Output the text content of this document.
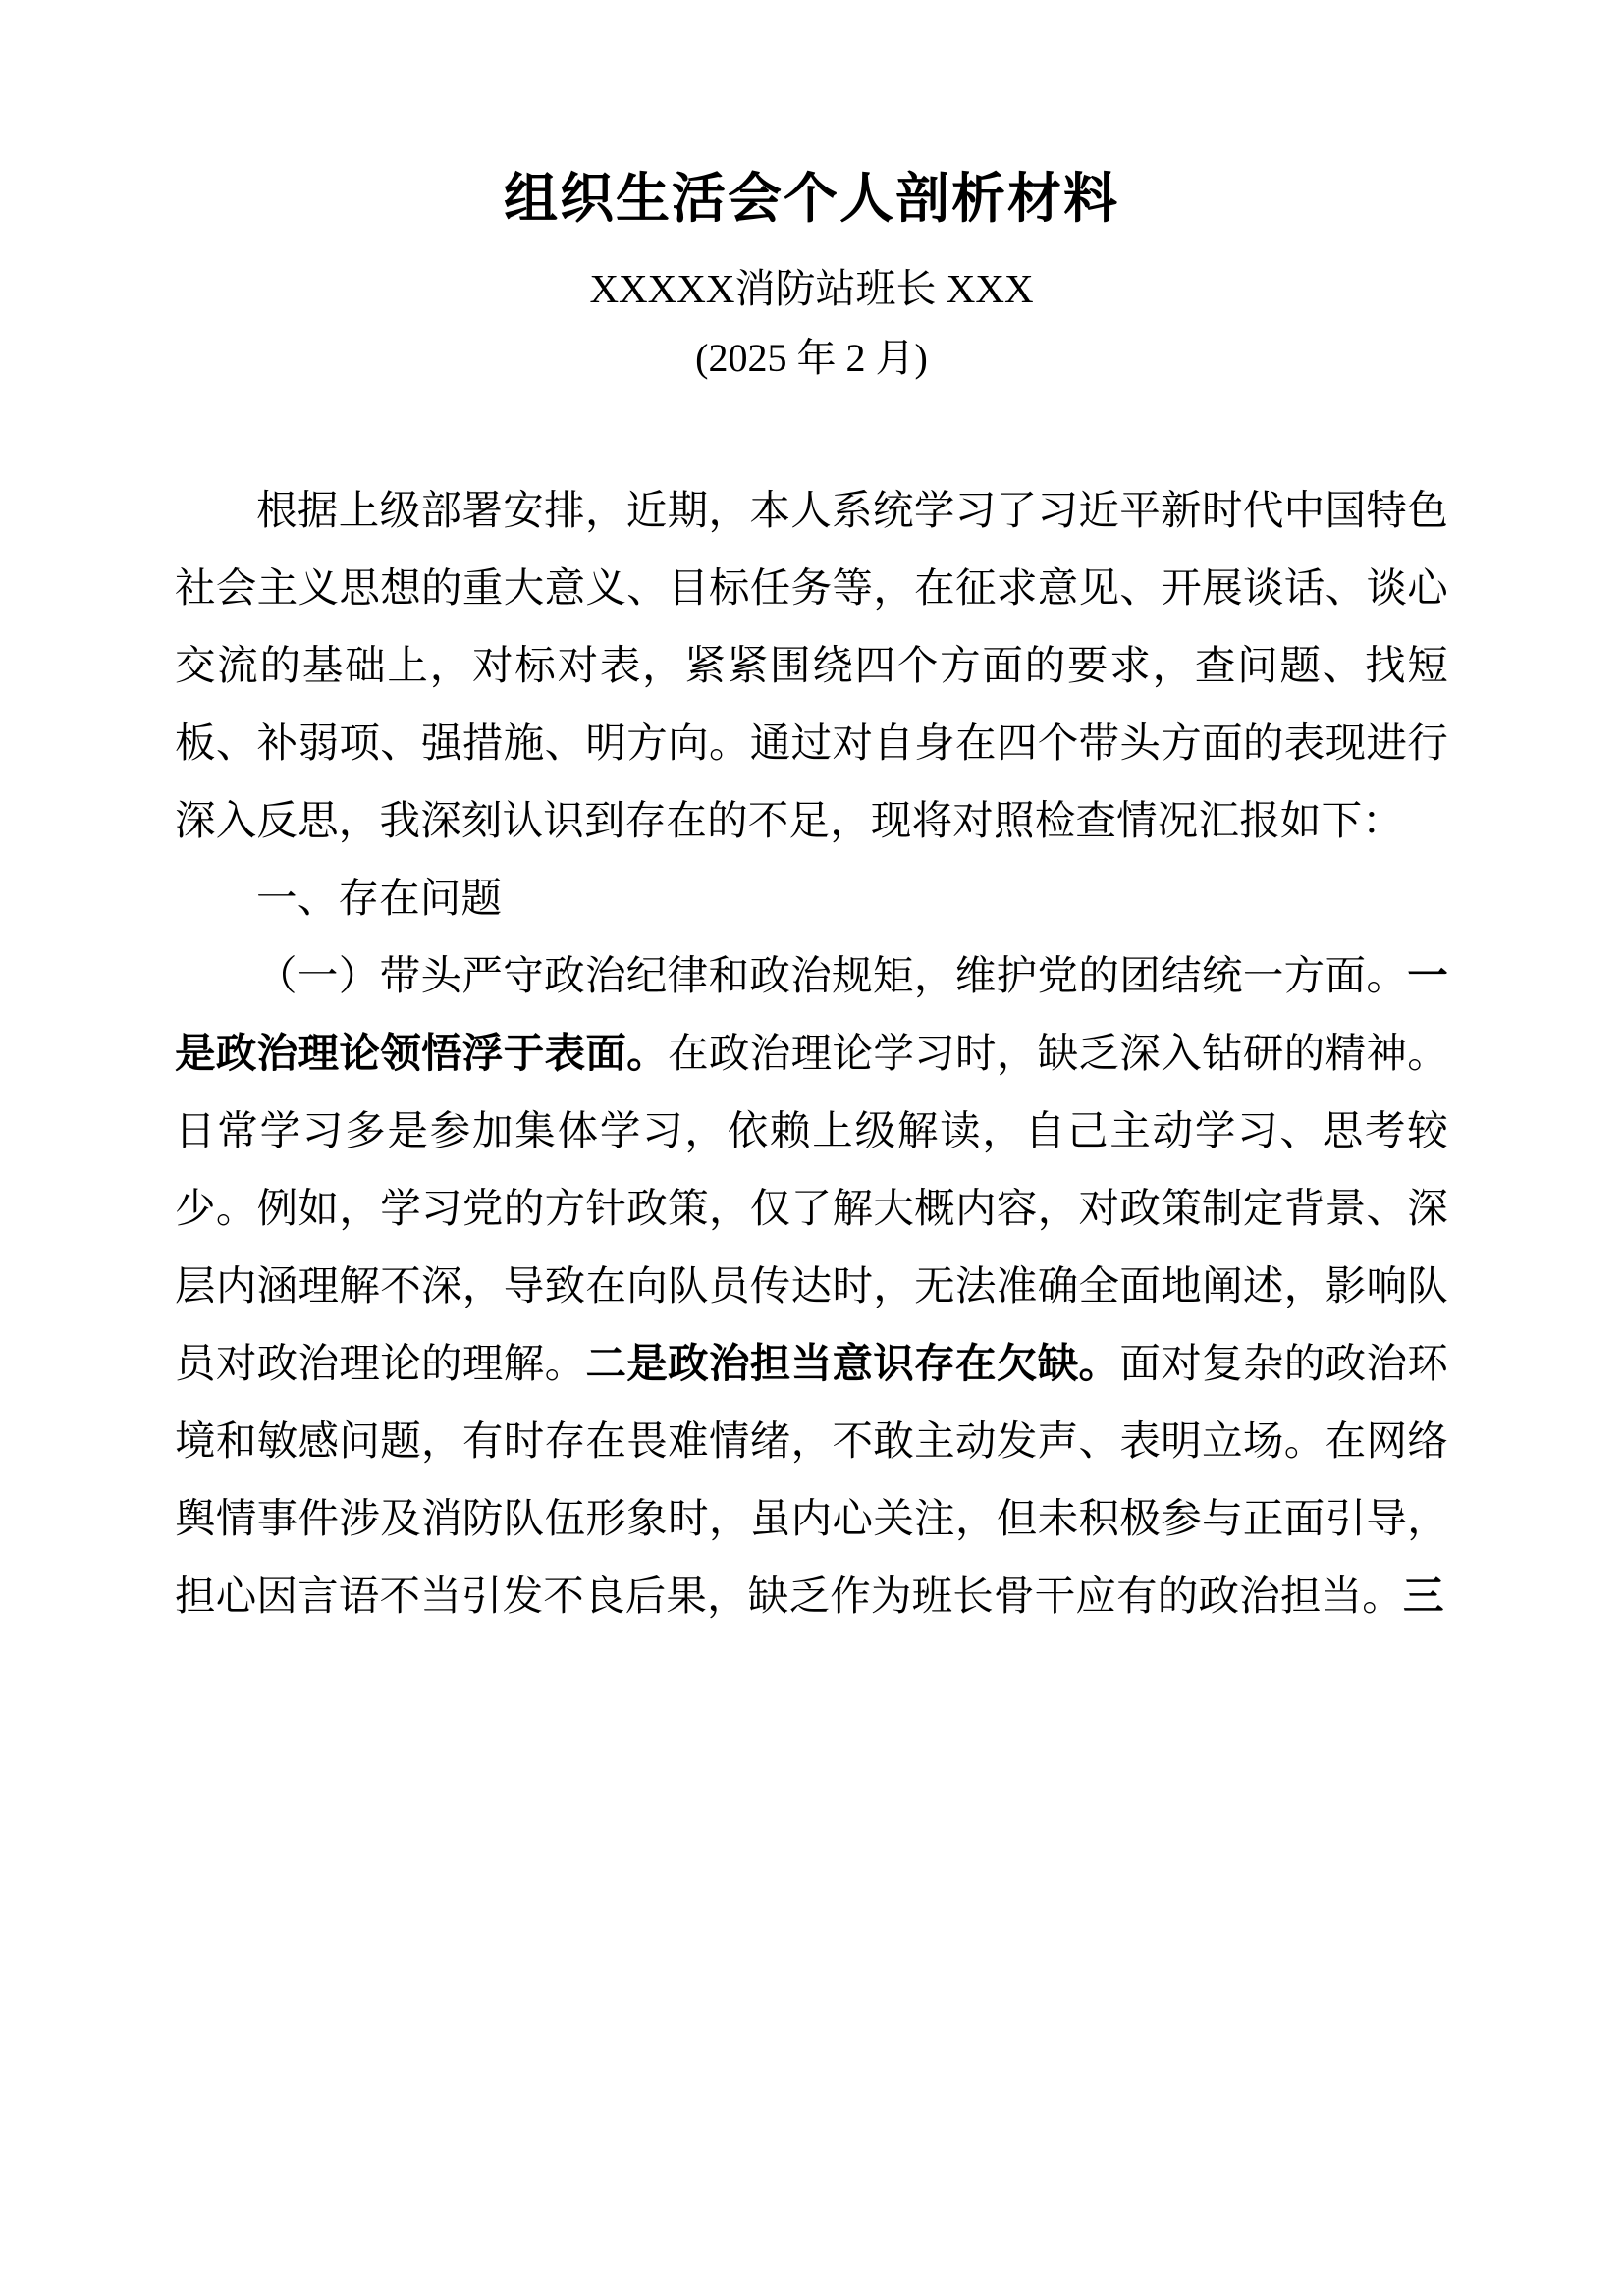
组织生活会个人剖析材料
XXXXX消防站班长 XXX
(2025 年 2 月)

根据上级部署安排，近期，本人系统学习了习近平新时代中国特色社会主义思想的重大意义、目标任务等，在征求意见、开展谈话、谈心交流的基础上，对标对表，紧紧围绕四个方面的要求，查问题、找短板、补弱项、强措施、明方向。通过对自身在四个带头方面的表现进行深入反思，我深刻认识到存在的不足，现将对照检查情况汇报如下：

一、存在问题

（一）带头严守政治纪律和政治规矩，维护党的团结统一方面。一是政治理论领悟浮于表面。在政治理论学习时，缺乏深入钻研的精神。日常学习多是参加集体学习，依赖上级解读，自己主动学习、思考较少。例如，学习党的方针政策，仅了解大概内容，对政策制定背景、深层内涵理解不深，导致在向队员传达时，无法准确全面地阐述，影响队员对政治理论的理解。二是政治担当意识存在欠缺。面对复杂的政治环境和敏感问题，有时存在畏难情绪，不敢主动发声、表明立场。在网络舆情事件涉及消防队伍形象时，虽内心关注，但未积极参与正面引导，担心因言语不当引发不良后果，缺乏作为班长骨干应有的政治担当。三
